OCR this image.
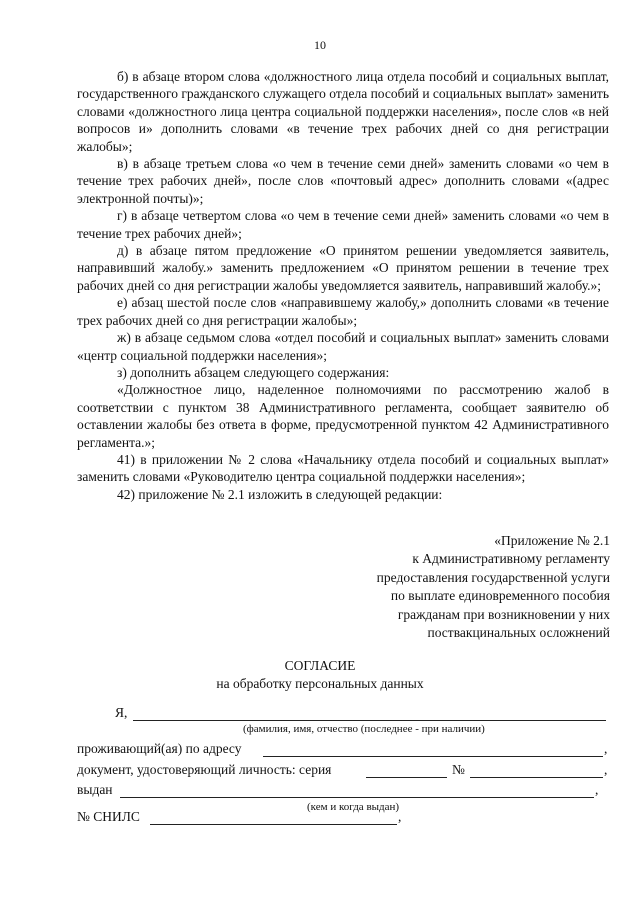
10

б) в абзаце втором слова «должностного лица отдела пособий и социальных выплат, государственного гражданского служащего отдела пособий и социальных выплат» заменить словами «должностного лица центра социальной поддержки населения», после слов «в ней вопросов и» дополнить словами «в течение трех рабочих дней со дня регистрации жалобы»;

в) в абзаце третьем слова «о чем в течение семи дней» заменить словами «о чем в течение трех рабочих дней», после слов «почтовый адрес» дополнить словами «(адрес электронной почты)»;

г) в абзаце четвертом слова «о чем в течение семи дней» заменить словами «о чем в течение трех рабочих дней»;

д) в абзаце пятом предложение «О принятом решении уведомляется заявитель, направивший жалобу.» заменить предложением «О принятом решении в течение трех рабочих дней со дня регистрации жалобы уведомляется заявитель, направивший жалобу.»;

е) абзац шестой после слов «направившему жалобу,» дополнить словами «в течение трех рабочих дней со дня регистрации жалобы»;

ж) в абзаце седьмом слова «отдел пособий и социальных выплат» заменить словами «центр социальной поддержки населения»;

з) дополнить абзацем следующего содержания:

«Должностное лицо, наделенное полномочиями по рассмотрению жалоб в соответствии с пунктом 38 Административного регламента, сообщает заявителю об оставлении жалобы без ответа в форме, предусмотренной пунктом 42 Административного регламента.»;

41) в приложении № 2 слова «Начальнику отдела пособий и социальных выплат» заменить словами «Руководителю центра социальной поддержки населения»;

42) приложение № 2.1 изложить в следующей редакции:

«Приложение № 2.1
к Административному регламенту
предоставления государственной услуги
по выплате единовременного пособия
гражданам при возникновении у них
поствакцинальных осложнений
СОГЛАСИЕ
на обработку персональных данных
Я,
(фамилия, имя, отчество (последнее - при наличии)
проживающий(ая) по адресу	,
документ, удостоверяющий личность: серия	№	,
выдан	,
(кем и когда выдан)
№ СНИЛС	,
